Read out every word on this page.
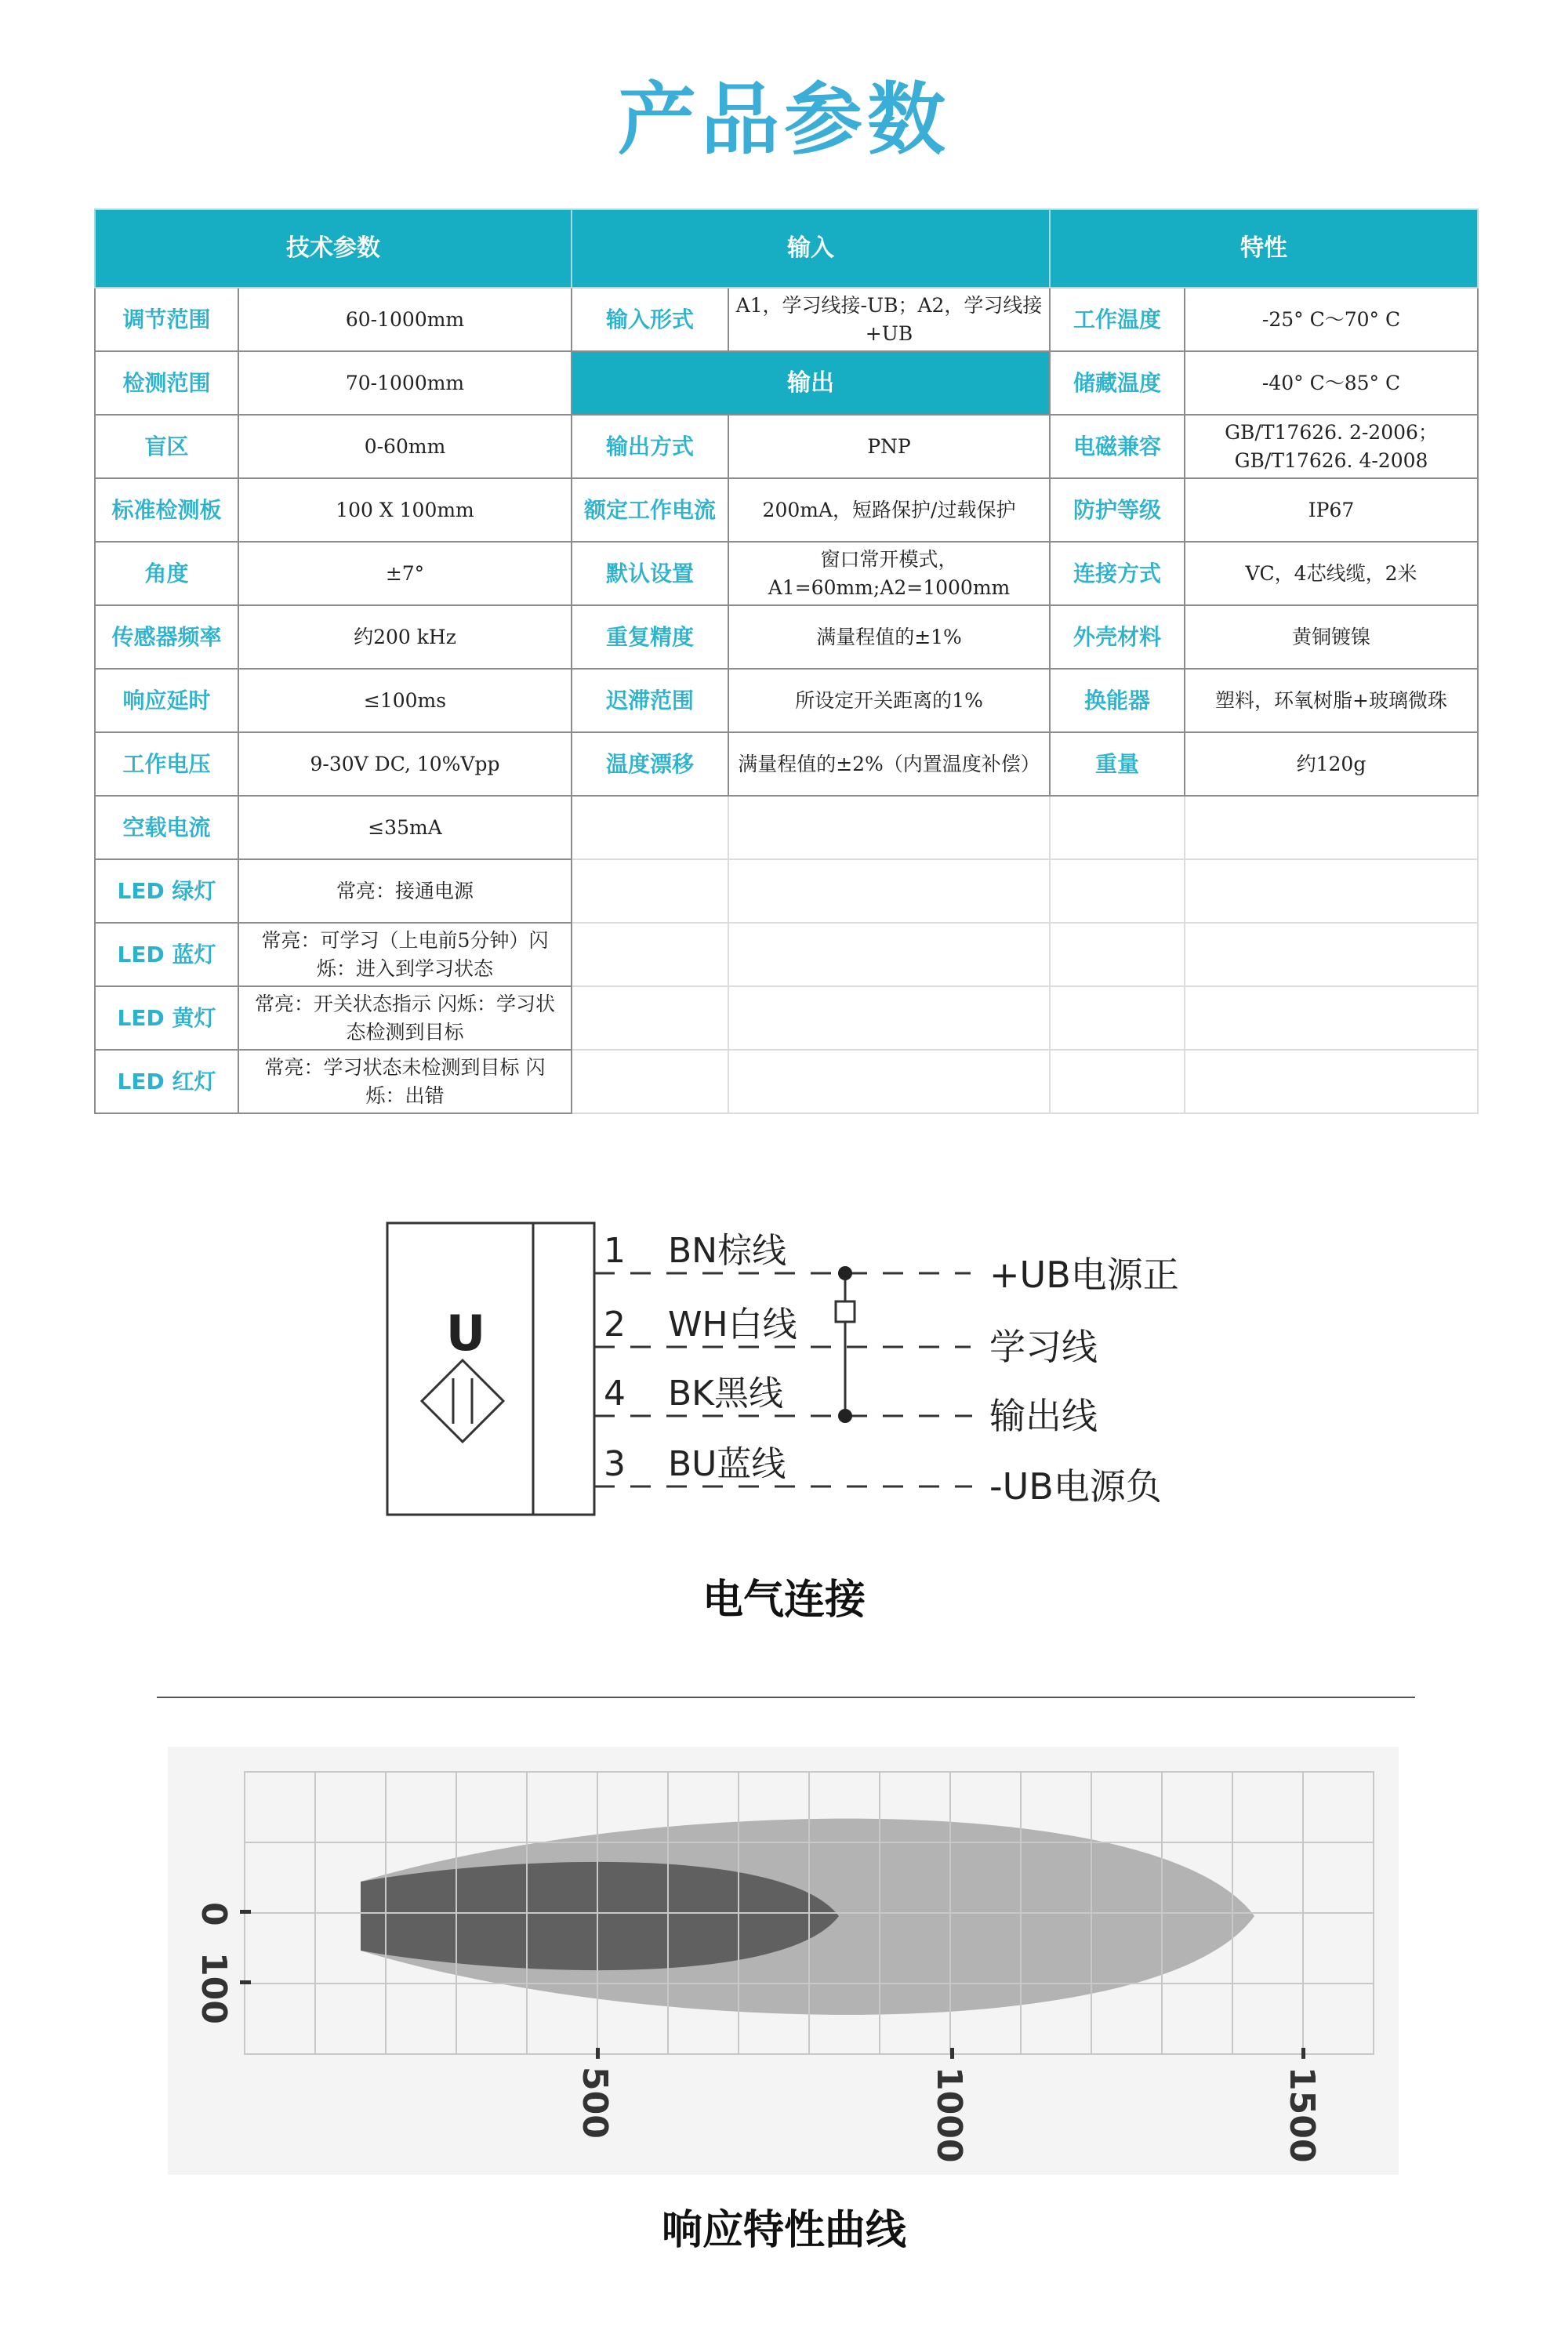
产品参数
技术参数		输入		特性	
调节范围	60-1000mm	输入形式	A1，学习线接-UB；A2，学习线接+UB	工作温度	-25° C～70° C
检测范围	70-1000mm	输出		储藏温度	-40° C～85° C
盲区	0-60mm	输出方式	PNP	电磁兼容	GB/T17626. 2-2006；GB/T17626. 4-2008
标准检测板	100 X 100mm	额定工作电流	200mA，短路保护/过载保护	防护等级	IP67
角度	±7°	默认设置	窗口常开模式，A1=60mm;A2=1000mm	连接方式	VC，4芯线缆，2米
传感器频率	约200 kHz	重复精度	满量程值的±1%	外壳材料	黄铜镀镍
响应延时	≤100ms	迟滞范围	所设定开关距离的1%	换能器	塑料，环氧树脂+玻璃微珠
工作电压	9-30V DC, 10%Vpp	温度漂移	满量程值的±2%（内置温度补偿）	重量	约120g
空载电流	≤35mA				
LED 绿灯	常亮：接通电源				
LED 蓝灯	常亮：可学习（上电前5分钟）闪烁：进入到学习状态				
LED 黄灯	常亮：开关状态指示 闪烁：学习状态检测到目标				
LED 红灯	常亮：学习状态未检测到目标 闪烁：出错				
U
1
2
4
3
BN棕线
WH白线
BK黑线
BU蓝线
+UB电源正
学习线
输出线
-UB电源负
电气连接
500	1000	1500
0
100
响应特性曲线
